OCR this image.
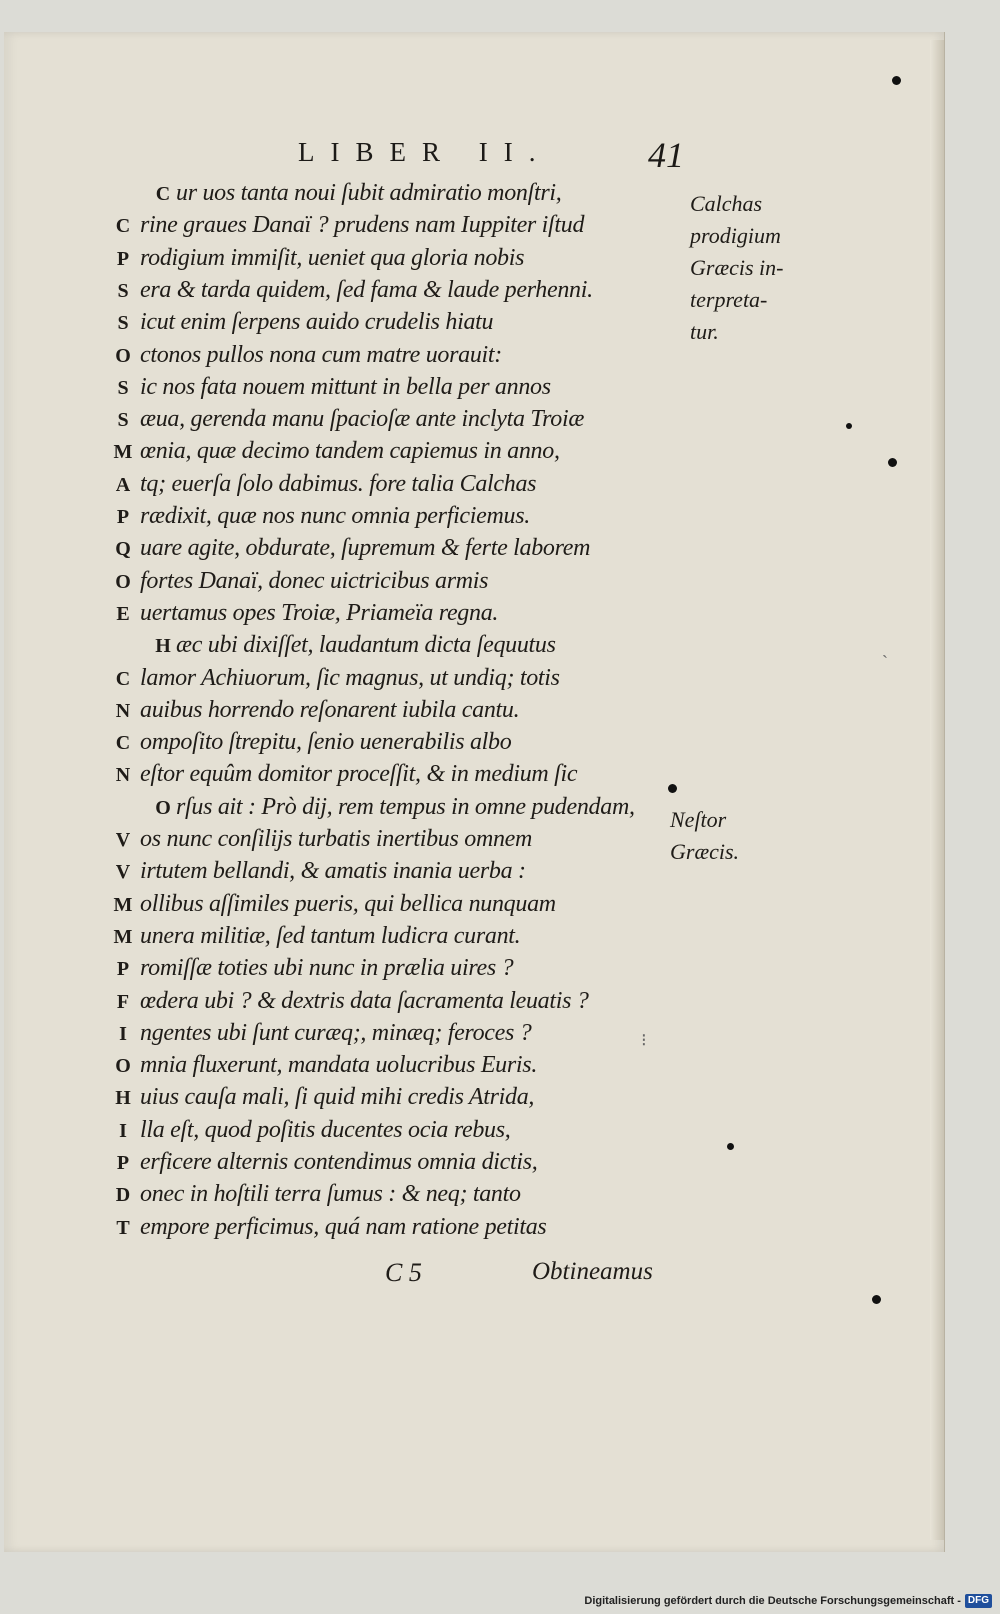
LIBER II.	41
C ur uos tanta noui ſubit admiratio monſtri,
C rine graues Danaï ? prudens nam Iuppiter iſtud
P rodigium immiſit, ueniet qua gloria nobis
S era & tarda quidem, ſed fama & laude perhenni.
S icut enim ſerpens auido crudelis hiatu
O ctonos pullos nona cum matre uorauit:
S ic nos fata nouem mittunt in bella per annos
S æua, gerenda manu ſpacioſæ ante inclyta Troiæ
M œnia, quæ decimo tandem capiemus in anno,
A tq; euerſa ſolo dabimus. fore talia Calchas
P rædixit, quæ nos nunc omnia perficiemus.
Q uare agite, obdurate, ſupremum & ferte laborem
O fortes Danaï, donec uictricibus armis
E uertamus opes Troiæ, Priameïa regna.
H æc ubi dixiſſet, laudantum dicta ſequutus
C lamor Achiuorum, ſic magnus, ut undiq; totis
N auibus horrendo reſonarent iubila cantu.
C ompoſito ſtrepitu, ſenio uenerabilis albo
N eſtor equûm domitor proceſſit, & in medium ſic
O rſus ait : Prò dij, rem tempus in omne pudendam,
V os nunc conſilijs turbatis inertibus omnem
V irtutem bellandi, & amatis inania uerba :
M ollibus aſſimiles pueris, qui bellica nunquam
M unera militiæ, ſed tantum ludicra curant.
P romiſſæ toties ubi nunc in prælia uires ?
F œdera ubi ? & dextris data ſacramenta leuatis ?
I ngentes ubi ſunt curæq;, minæq; feroces ?
O mnia fluxerunt, mandata uolucribus Euris.
H uius cauſa mali, ſi quid mihi credis Atrida,
I lla eſt, quod poſitis ducentes ocia rebus,
P erficere alternis contendimus omnia dictis,
D onec in hoſtili terra ſumus : & neq; tanto
T empore perficimus, quá nam ratione petitas
Calchas
prodigium
Græcis in-
terpreta-
tur.
Neſtor
Græcis.
C 5	Obtineamus
⁝
ˏ
Digitalisierung gefördert durch die Deutsche Forschungsgemeinschaft - DFG
